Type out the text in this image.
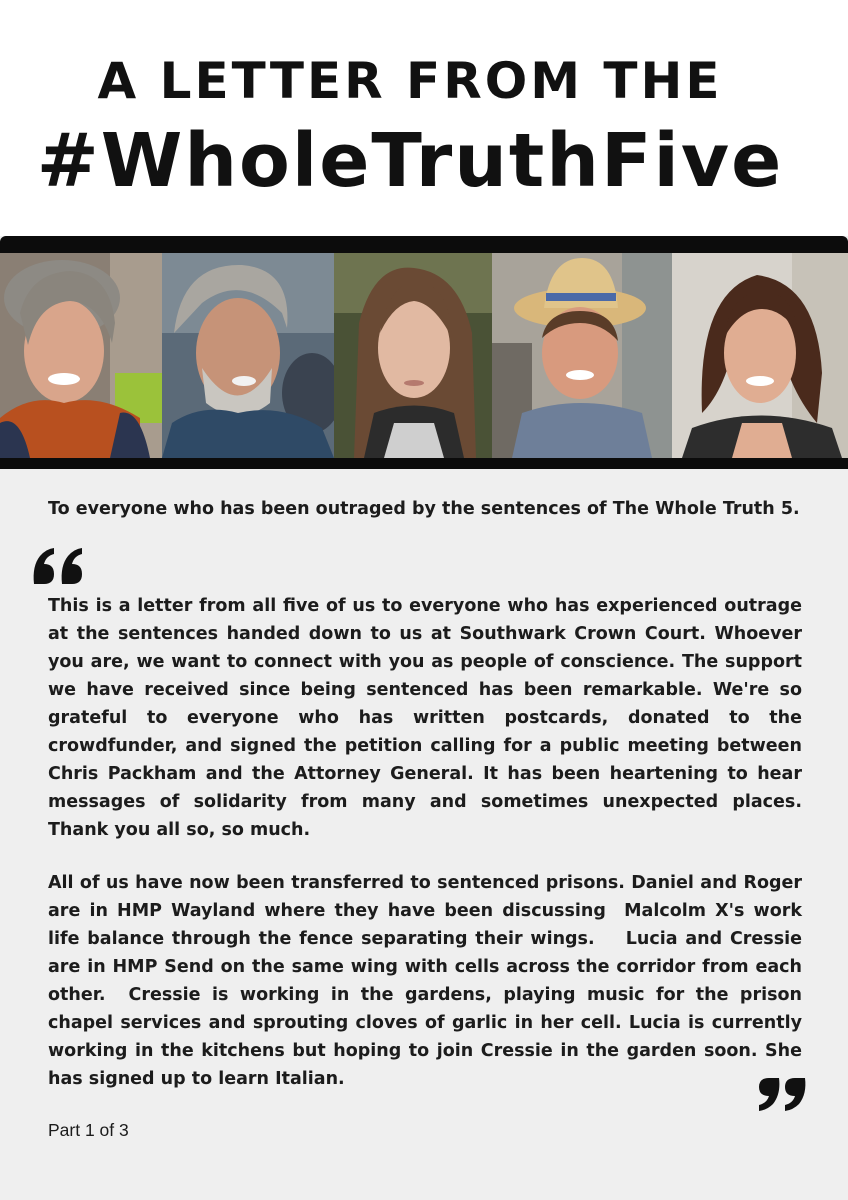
A LETTER FROM THE
#WholeTruthFive
To everyone who has been outraged by the sentences of The Whole Truth 5.
This is a letter from all five of us to everyone who has experienced outrage at the sentences handed down to us at Southwark Crown Court. Whoever you are, we want to connect with you as people of conscience. The support we have received since being sentenced has been remarkable. We're so grateful to everyone who has written postcards, donated to the crowdfunder, and signed the petition calling for a public meeting between Chris Packham and the Attorney General. It has been heartening to hear messages of solidarity from many and sometimes unexpected places. Thank you all so, so much.
All of us have now been transferred to sentenced prisons. Daniel and Roger are in HMP Wayland where they have been discussing  Malcolm X's work life balance through the fence separating their wings.    Lucia and Cressie are in HMP Send on the same wing with cells across the corridor from each other.  Cressie is working in the gardens, playing music for the prison chapel services and sprouting cloves of garlic in her cell. Lucia is currently working in the kitchens but hoping to join Cressie in the garden soon. She has signed up to learn Italian.
Part 1 of 3
